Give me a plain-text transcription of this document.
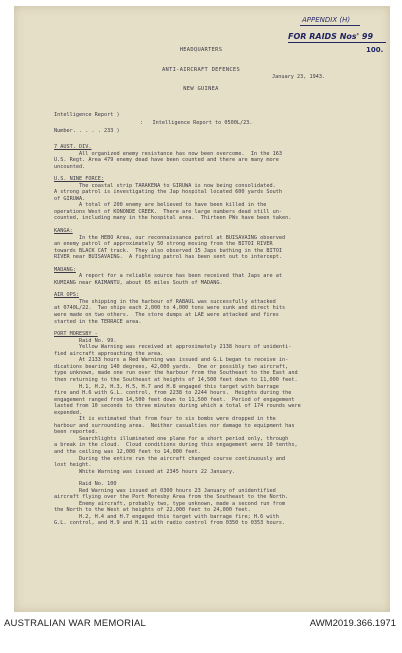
APPENDIX (H)
FOR RAIDS Nos' 99
100.

HEADQUARTERS

ANTI-AIRCRAFT DEFENCES

NEW GUINEA

January 23, 1943.
Intelligence Report )
Number. . . . . 233 )
:   Intelligence Report to 0500L/23.

7 AUST. DIV.

All organized enemy resistance has now been overcome.  In the 163

U.S. Regt. Area 479 enemy dead have been counted and there are many more

uncounted.

U.S. NINE FORCE:

The coastal strip TARAKENA to GIRUWA is now being consolidated.

A strong patrol is investigating the Jap hospital located 600 yards South

of GIRUWA.

A total of 200 enemy are believed to have been killed in the

operations West of KONONDE CREEK.  There are large numbers dead still un-

counted, including many in the hospital area.  Thirteen PWs have been taken.

KANGA:

In the HEBO Area, our reconnaissance patrol at BUISAVAING observed

an enemy patrol of approximately 50 strong moving from the BITOI RIVER

towards BLACK CAT track.  They also observed 15 Japs bathing in the BITOI

RIVER near BUISAVAING.  A fighting patrol has been sent out to intercept.

MADANG:

A report for a reliable source has been received that Japs are at

KUMIANG near KAIMANTU, about 65 miles South of MADANG.

AIR OPS:

The shipping in the harbour of RABAUL was successfully attacked

at 0740L/22.  Two ships each 2,000 to 4,000 tons were sunk and direct hits

were made on two others.  The store dumps at LAE were attacked and fires

started in the TERRACE area.

PORT MORESBY -

Raid No. 99.

Yellow Warning was received at approximately 2138 hours of unidenti-

fied aircraft approaching the area.

At 2133 hours a Red Warning was issued and G.L began to receive in-

dications bearing 140 degrees, 42,000 yards.  One or possibly two aircraft,

type unknown, made one run over the harbour from the Southeast to the East and

then returning to the Southeast at heights of 14,500 feet down to 11,000 feet.

H.1, H.2, H.3, H.5, H.7 and H.8 engaged this target with barrage

fire and H.6 with G.L. control, from 2238 to 2244 hours.  Heights during the

engagement ranged from 14,500 feet down to 11,500 feet.  Period of engagement

lasted from 10 seconds to three minutes during which a total of 174 rounds were

expended.

It is estimated that from four to six bombs were dropped in the

harbour and surrounding area.  Neither casualties nor damage to equipment has

been reported.

Searchlights illuminated one plane for a short period only, through

a break in the cloud.  Cloud conditions during this engagement were 10 tenths,

and the ceiling was 12,000 feet to 14,000 feet.

During the entire run the aircraft changed course continuously and

lost height.

White Warning was issued at 2345 hours 22 January.

Raid No. 100

Red Warning was issued at 0300 hours 23 January of unidentified

aircraft flying over the Port Moresby Area from the Southeast to the North.

Enemy aircraft, probably two, type unknown, made a second run from

the North to the West at heights of 22,000 feet to 24,000 feet.

H.2, H.4 and H.7 engaged this target with barrage fire; H.6 with

G.L. control, and H.9 and H.11 with radio control from 0350 to 0353 hours.

AUSTRALIAN WAR MEMORIAL	AWM2019.366.1971
